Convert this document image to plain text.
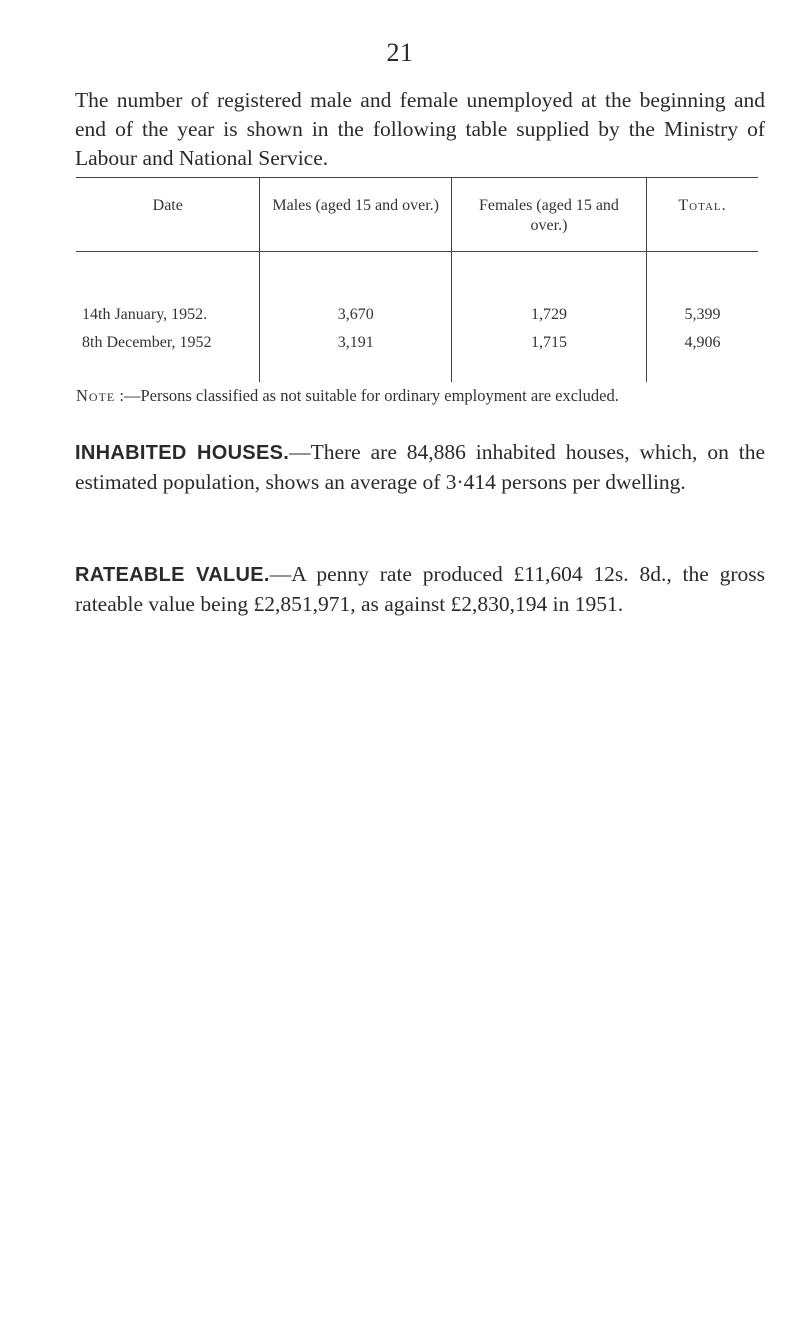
21

The number of registered male and female unemployed at the beginning and end of the year is shown in the following table supplied by the Ministry of Labour and National Service.

Date	Males (aged 15 and over.)	Females (aged 15 and over.)	Total.
14th January, 1952.	3,670	1,729	5,399
8th December, 1952	3,191	1,715	4,906
Note :—Persons classified as not suitable for ordinary employment are excluded.

INHABITED HOUSES.—There are 84,886 inhabited houses, which, on the estimated population, shows an average of 3·414 persons per dwelling.

RATEABLE VALUE.—A penny rate produced £11,604 12s. 8d., the gross rateable value being £2,851,971, as against £2,830,194 in 1951.
